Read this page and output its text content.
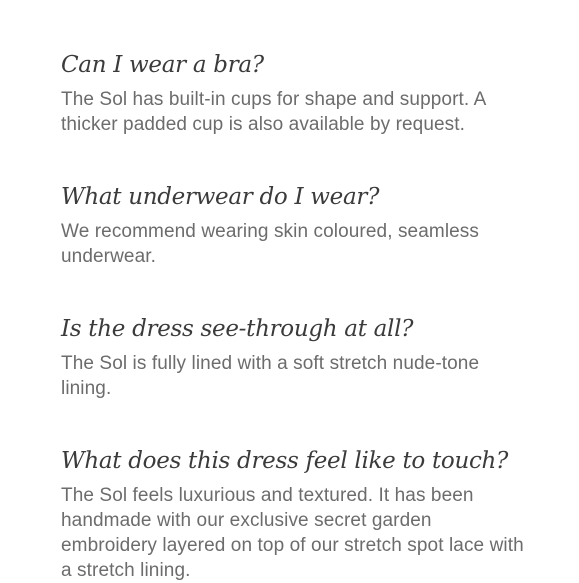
Can I wear a bra?

The Sol has built-in cups for shape and support. A thicker padded cup is also available by request.

What underwear do I wear?

We recommend wearing skin coloured, seamless underwear.

Is the dress see-through at all?

The Sol is fully lined with a soft stretch nude-tone lining.

What does this dress feel like to touch?

The Sol feels luxurious and textured. It has been handmade with our exclusive secret garden embroidery layered on top of our stretch spot lace with a stretch lining.
